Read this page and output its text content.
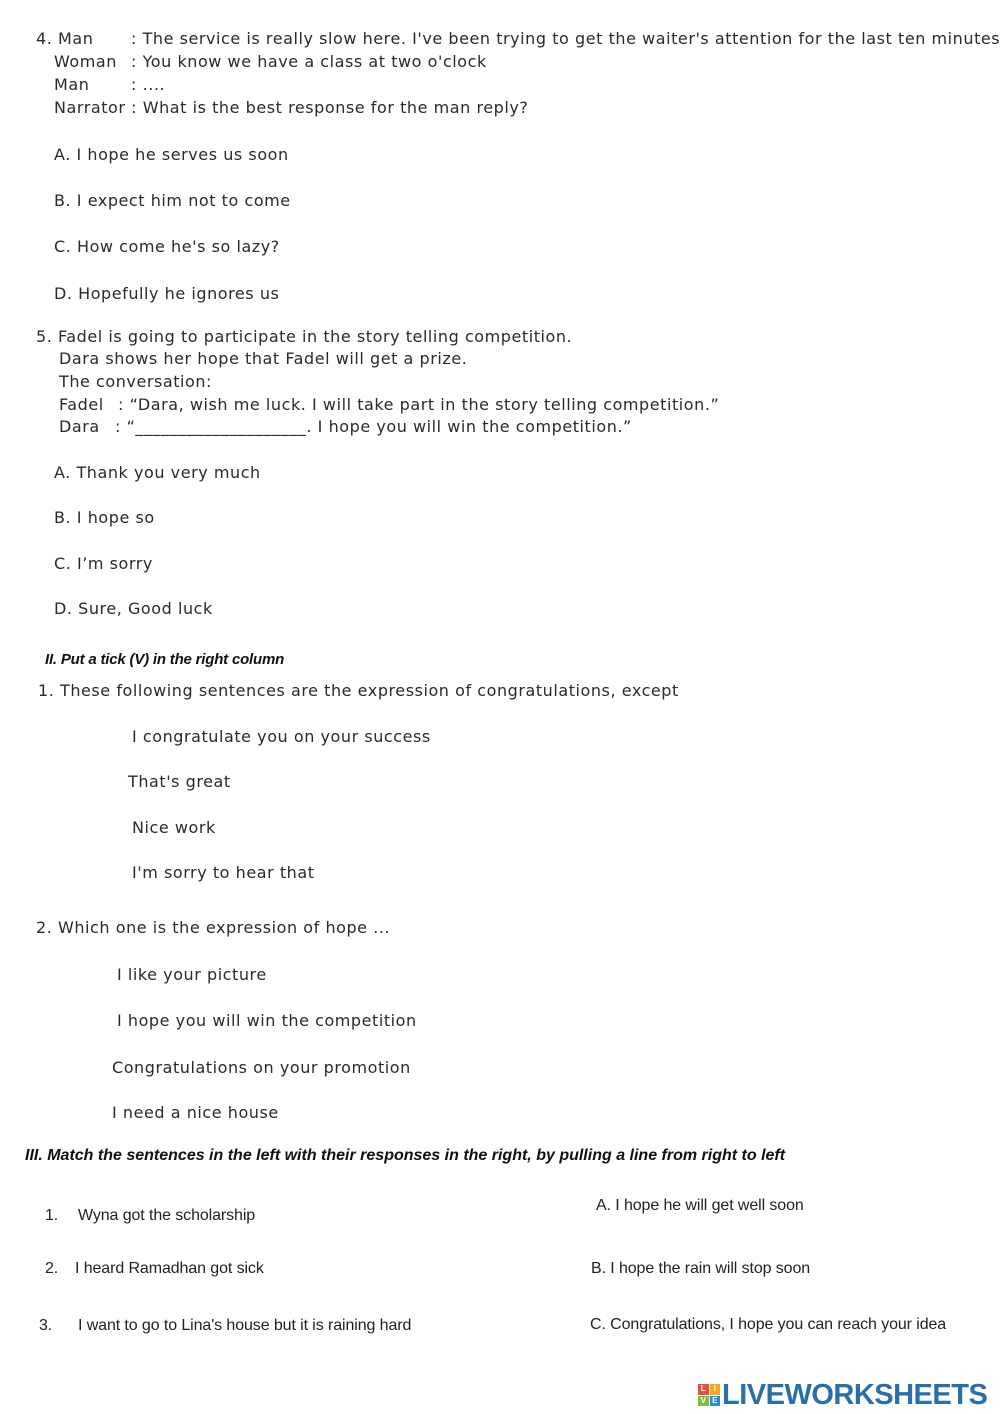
4. Man : The service is really slow here. I've been trying to get the waiter's attention for the last ten minutes
Woman : You know we have a class at two o'clock
Man	: ....
Narrator : What is the best response for the man reply?
A. I hope he serves us soon
B. I expect him not to come
C. How come he's so lazy?
D. Hopefully he ignores us
5. Fadel is going to participate in the story telling competition.
Dara shows her hope that Fadel will get a prize.
The conversation:
Fadel : “Dara, wish me luck. I will take part in the story telling competition.”
Dara : “____________________. I hope you will win the competition.”
A. Thank you very much
B. I hope so
C. I’m sorry
D. Sure, Good luck
II. Put a tick (V) in the right column
1. These following sentences are the expression of congratulations, except
I congratulate you on your success
That's great
Nice work
I'm sorry to hear that
2. Which one is the expression of hope ...
I like your picture
I hope you will win the competition
Congratulations on your promotion
I need a nice house
III. Match the sentences in the left with their responses in the right, by pulling a line from right to left
1. Wyna got the scholarship
2. I heard Ramadhan got sick
3. I want to go to Lina's house but it is raining hard
A. I hope he will get well soon
B. I hope the rain will stop soon
C. Congratulations, I hope you can reach your idea
L I
V E LIVEWORKSHEETS
